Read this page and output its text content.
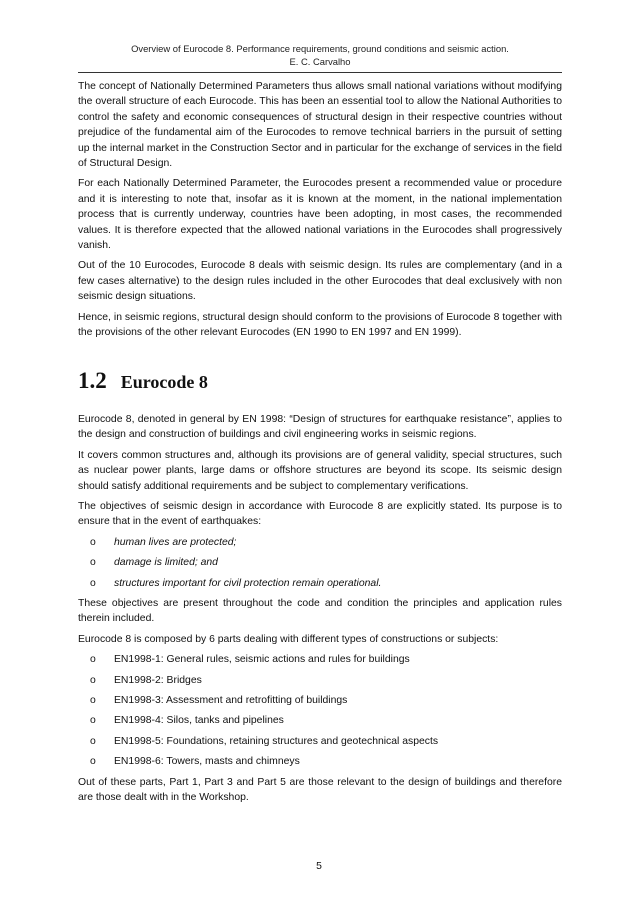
Overview of Eurocode 8. Performance requirements, ground conditions and seismic action.
E. C. Carvalho

The concept of Nationally Determined Parameters thus allows small national variations without modifying the overall structure of each Eurocode. This has been an essential tool to allow the National Authorities to control the safety and economic consequences of structural design in their respective countries without prejudice of the fundamental aim of the Eurocodes to remove technical barriers in the pursuit of setting up the internal market in the Construction Sector and in particular for the exchange of services in the field of Structural Design.

For each Nationally Determined Parameter, the Eurocodes present a recommended value or procedure and it is interesting to note that, insofar as it is known at the moment, in the national implementation process that is currently underway, countries have been adopting, in most cases, the recommended values. It is therefore expected that the allowed national variations in the Eurocodes shall progressively vanish.

Out of the 10 Eurocodes, Eurocode 8 deals with seismic design. Its rules are complementary (and in a few cases alternative) to the design rules included in the other Eurocodes that deal exclusively with non seismic design situations.

Hence, in seismic regions, structural design should conform to the provisions of Eurocode 8 together with the provisions of the other relevant Eurocodes (EN 1990 to EN 1997 and EN 1999).

1.2 Eurocode 8

Eurocode 8, denoted in general by EN 1998: “Design of structures for earthquake resistance”, applies to the design and construction of buildings and civil engineering works in seismic regions.

It covers common structures and, although its provisions are of general validity, special structures, such as nuclear power plants, large dams or offshore structures are beyond its scope. Its seismic design should satisfy additional requirements and be subject to complementary verifications.

The objectives of seismic design in accordance with Eurocode 8 are explicitly stated. Its purpose is to ensure that in the event of earthquakes:

o	human lives are protected;
o	damage is limited; and
o	structures important for civil protection remain operational.

These objectives are present throughout the code and condition the principles and application rules therein included.

Eurocode 8 is composed by 6 parts dealing with different types of constructions or subjects:

o	EN1998-1: General rules, seismic actions and rules for buildings
o	EN1998-2: Bridges
o	EN1998-3: Assessment and retrofitting of buildings
o	EN1998-4: Silos, tanks and pipelines
o	EN1998-5: Foundations, retaining structures and geotechnical aspects
o	EN1998-6: Towers, masts and chimneys

Out of these parts, Part 1, Part 3 and Part 5 are those relevant to the design of buildings and therefore are those dealt with in the Workshop.

5
